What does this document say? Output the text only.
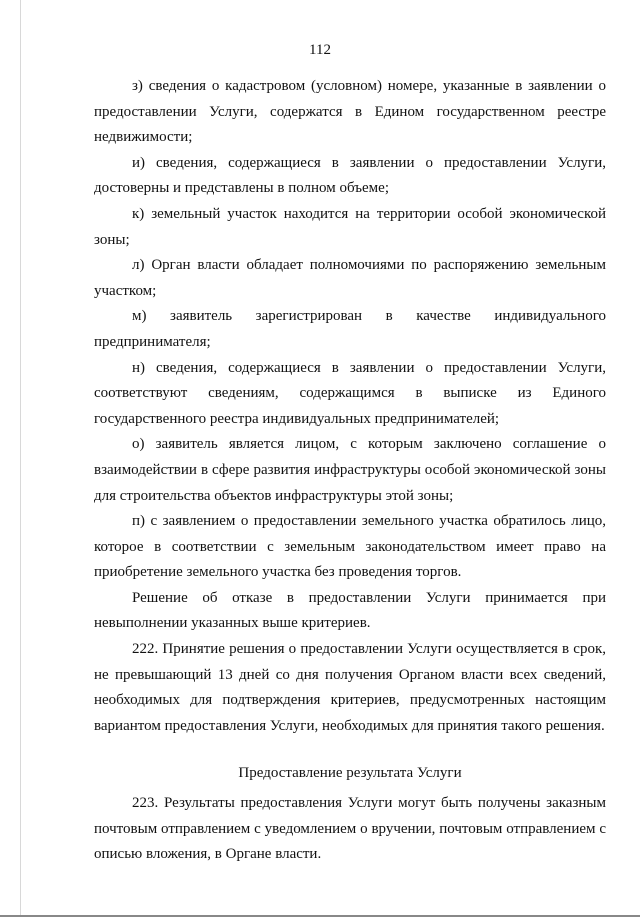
112

з) сведения о кадастровом (условном) номере, указанные в заявлении о предоставлении Услуги, содержатся в Едином государственном реестре недвижимости;

и) сведения, содержащиеся в заявлении о предоставлении Услуги, достоверны и представлены в полном объеме;

к) земельный участок находится на территории особой экономической зоны;

л) Орган власти обладает полномочиями по распоряжению земельным участком;

м) заявитель зарегистрирован в качестве индивидуального предпринимателя;

н) сведения, содержащиеся в заявлении о предоставлении Услуги, соответствуют сведениям, содержащимся в выписке из Единого государственного реестра индивидуальных предпринимателей;

о) заявитель является лицом, с которым заключено соглашение о взаимодействии в сфере развития инфраструктуры особой экономической зоны для строительства объектов инфраструктуры этой зоны;

п) с заявлением о предоставлении земельного участка обратилось лицо, которое в соответствии с земельным законодательством имеет право на приобретение земельного участка без проведения торгов.

Решение об отказе в предоставлении Услуги принимается при невыполнении указанных выше критериев.

222. Принятие решения о предоставлении Услуги осуществляется в срок, не превышающий 13 дней со дня получения Органом власти всех сведений, необходимых для подтверждения критериев, предусмотренных настоящим вариантом предоставления Услуги, необходимых для принятия такого решения.

Предоставление результата Услуги

223. Результаты предоставления Услуги могут быть получены заказным почтовым отправлением с уведомлением о вручении, почтовым отправлением с описью вложения, в Органе власти.
